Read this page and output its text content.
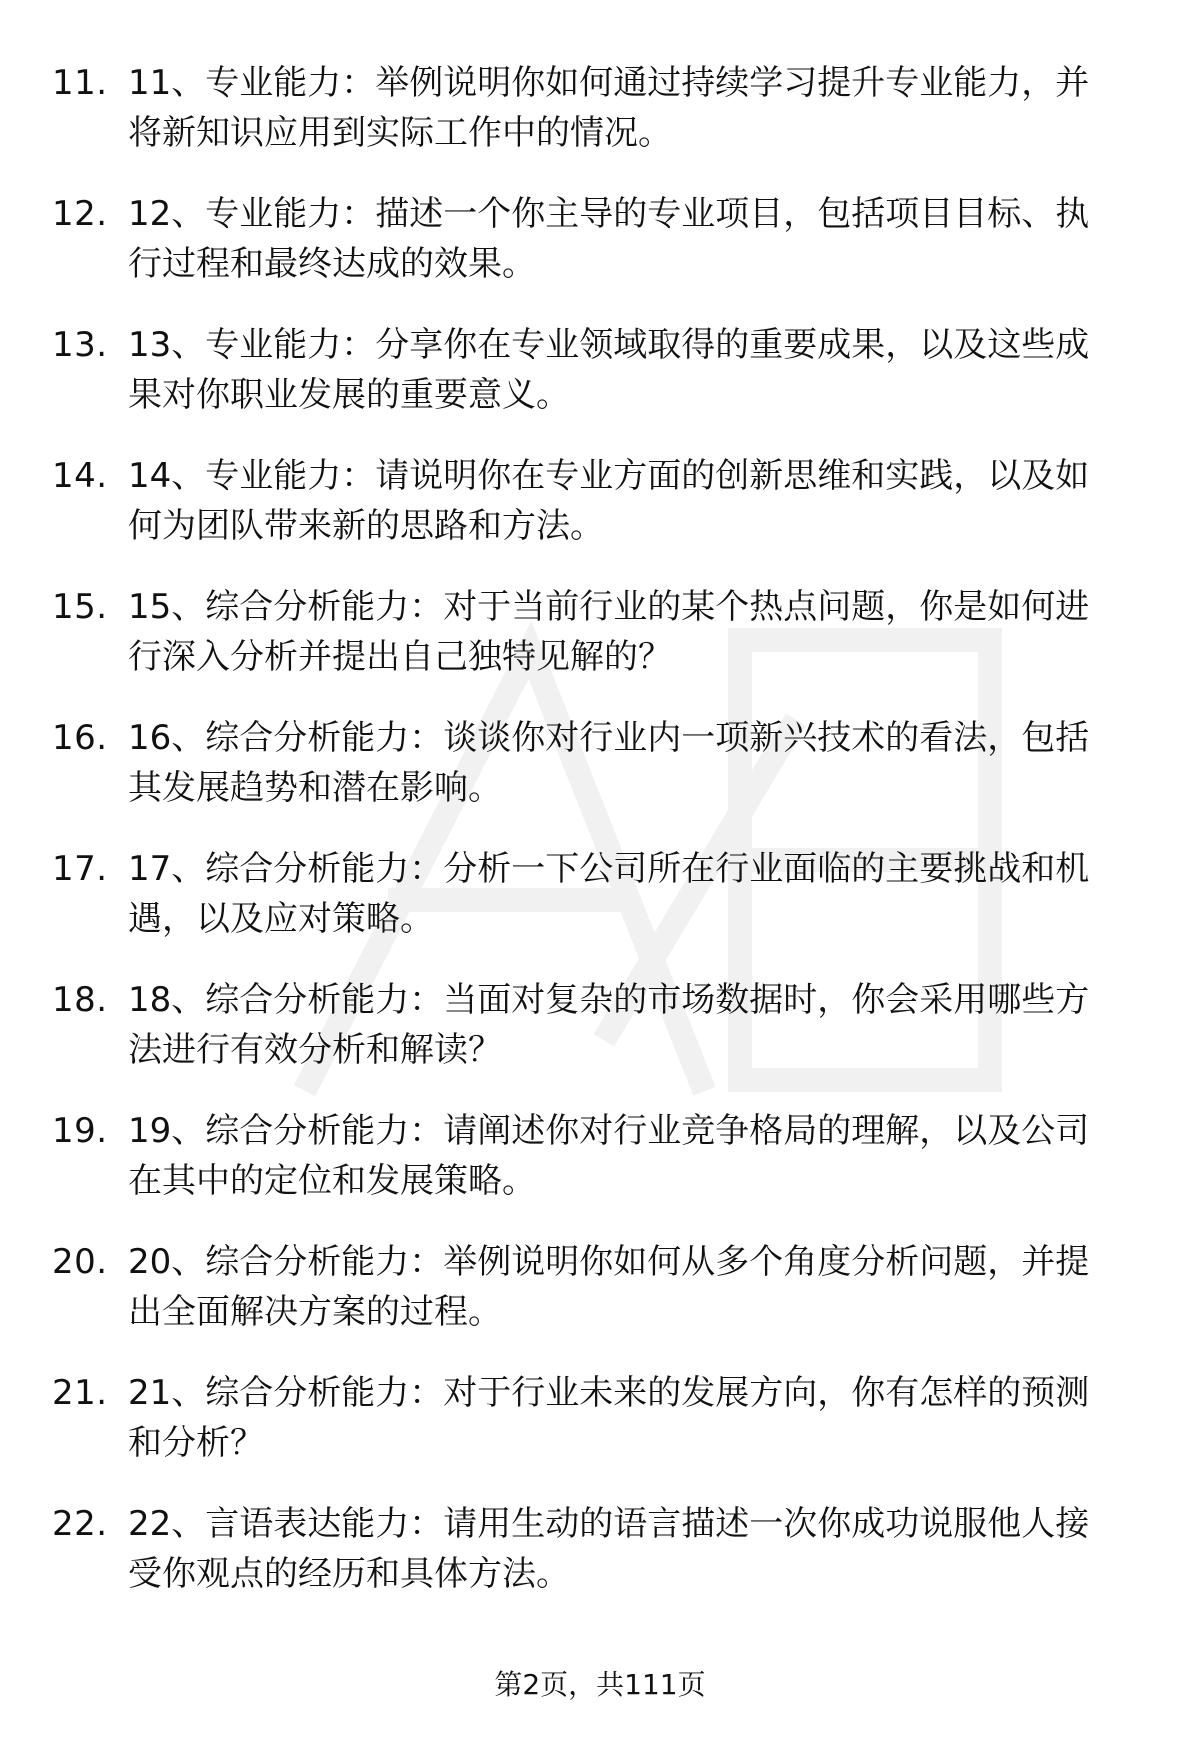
11. 11、专业能力：举例说明你如何通过持续学习提升专业能力，并
将新知识应用到实际工作中的情况。
12. 12、专业能力：描述一个你主导的专业项目，包括项目目标、执
行过程和最终达成的效果。
13. 13、专业能力：分享你在专业领域取得的重要成果，以及这些成
果对你职业发展的重要意义。
14. 14、专业能力：请说明你在专业方面的创新思维和实践，以及如
何为团队带来新的思路和方法。
15. 15、综合分析能力：对于当前行业的某个热点问题，你是如何进
行深入分析并提出自己独特见解的？
16. 16、综合分析能力：谈谈你对行业内一项新兴技术的看法，包括
其发展趋势和潜在影响。
17. 17、综合分析能力：分析一下公司所在行业面临的主要挑战和机
遇，以及应对策略。
18. 18、综合分析能力：当面对复杂的市场数据时，你会采用哪些方
法进行有效分析和解读？
19. 19、综合分析能力：请阐述你对行业竞争格局的理解，以及公司
在其中的定位和发展策略。
20. 20、综合分析能力：举例说明你如何从多个角度分析问题，并提
出全面解决方案的过程。
21. 21、综合分析能力：对于行业未来的发展方向，你有怎样的预测
和分析？
22. 22、言语表达能力：请用生动的语言描述一次你成功说服他人接
受你观点的经历和具体方法。
第2页，共111页
